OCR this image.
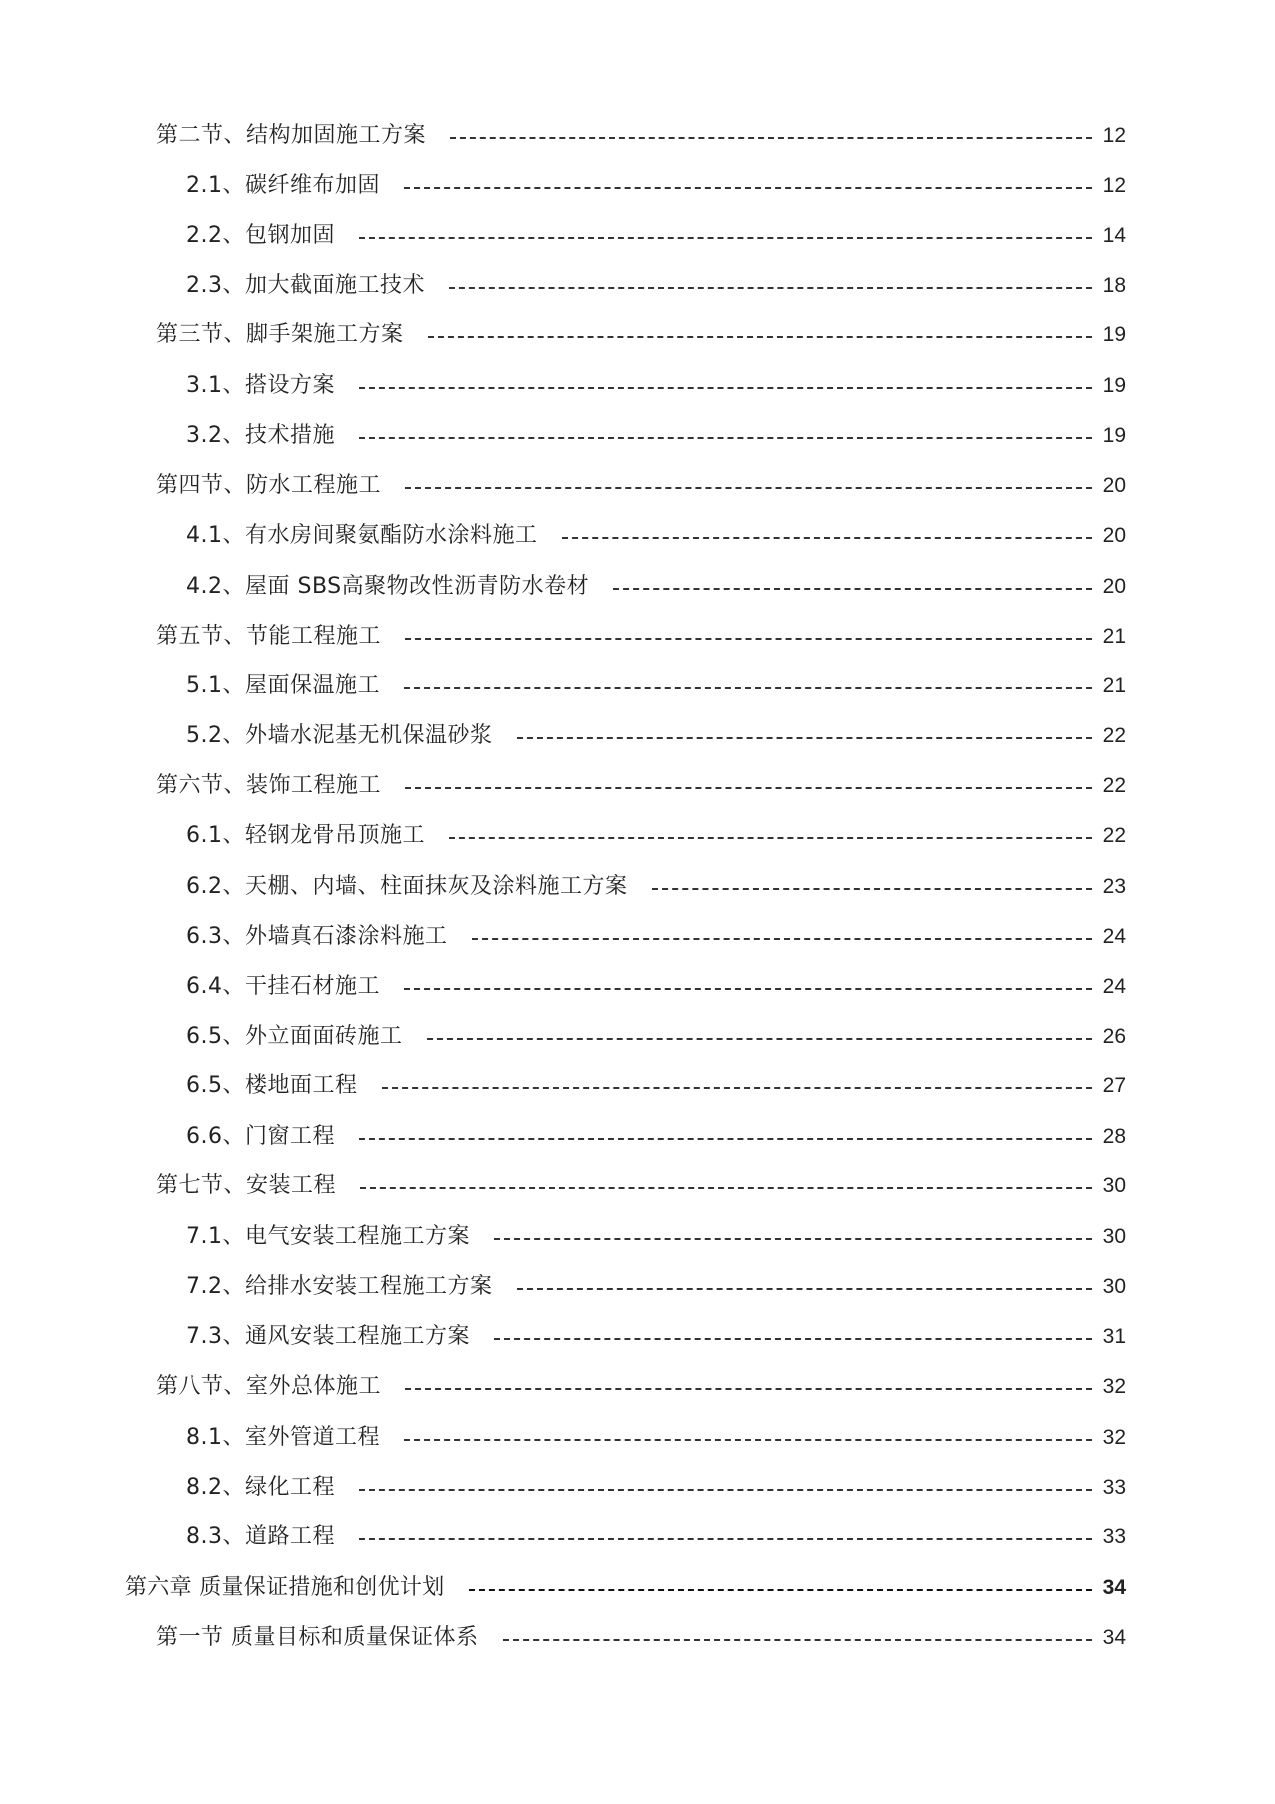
第二节、结构加固施工方案	12
2.1、碳纤维布加固	12
2.2、包钢加固	14
2.3、加大截面施工技术	18
第三节、脚手架施工方案	19
3.1、搭设方案	19
3.2、技术措施	19
第四节、防水工程施工	20
4.1、有水房间聚氨酯防水涂料施工	20
4.2、屋面 SBS高聚物改性沥青防水卷材	20
第五节、节能工程施工	21
5.1、屋面保温施工	21
5.2、外墙水泥基无机保温砂浆	22
第六节、装饰工程施工	22
6.1、轻钢龙骨吊顶施工	22
6.2、天棚、内墙、柱面抹灰及涂料施工方案	23
6.3、外墙真石漆涂料施工	24
6.4、干挂石材施工	24
6.5、外立面面砖施工	26
6.5、楼地面工程	27
6.6、门窗工程	28
第七节、安装工程	30
7.1、电气安装工程施工方案	30
7.2、给排水安装工程施工方案	30
7.3、通风安装工程施工方案	31
第八节、室外总体施工	32
8.1、室外管道工程	32
8.2、绿化工程	33
8.3、道路工程	33
第六章 质量保证措施和创优计划	34
第一节 质量目标和质量保证体系	34
